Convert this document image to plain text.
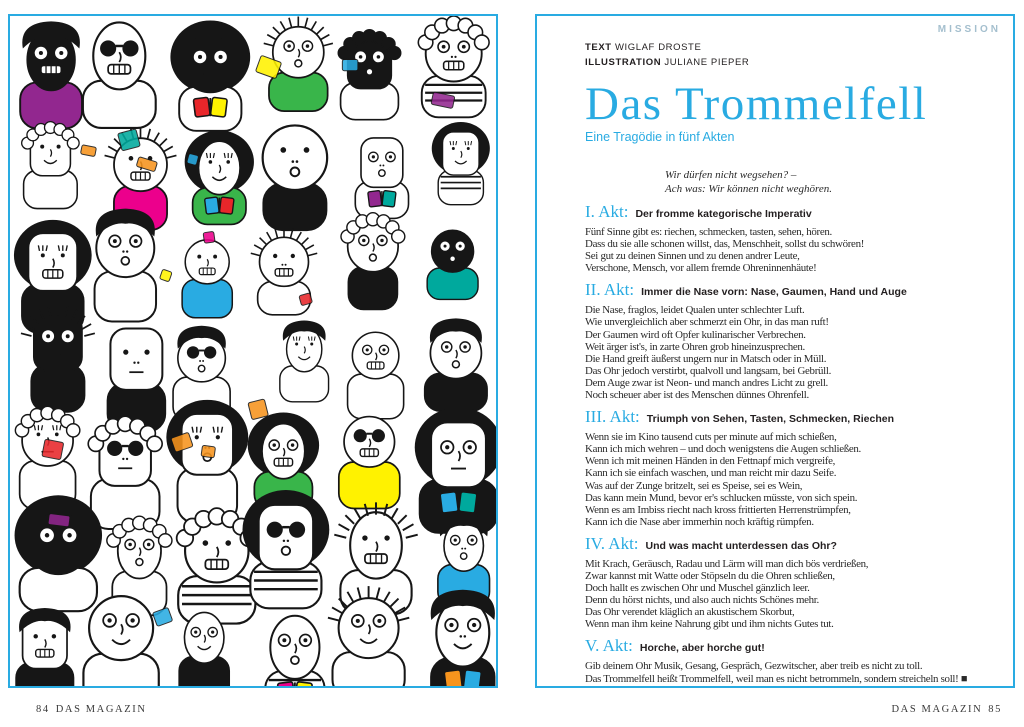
84 DAS MAGAZIN
MISSION
TEXT WIGLAF DROSTE
ILLUSTRATION JULIANE PIEPER
Das Trommelfell
Eine Tragödie in fünf Akten
Wir dürfen nicht wegsehen? –
Ach was: Wir können nicht weghören.
I. Akt: Der fromme kategorische Imperativ
Fünf Sinne gibt es: riechen, schmecken, tasten, sehen, hören.
Dass du sie alle schonen willst, das, Menschheit, sollst du schwören!
Sei gut zu deinen Sinnen und zu denen andrer Leute,
Verschone, Mensch, vor allem fremde Ohreninnenhäute!
II. Akt: Immer die Nase vorn: Nase, Gaumen, Hand und Auge
Die Nase, fraglos, leidet Qualen unter schlechter Luft.
Wie unvergleichlich aber schmerzt ein Ohr, in das man ruft!
Der Gaumen wird oft Opfer kulinarischer Verbrechen.
Weit ärger ist's, in zarte Ohren grob hineinzusprechen.
Die Hand greift äußerst ungern nur in Matsch oder in Müll.
Das Ohr jedoch verstirbt, qualvoll und langsam, bei Gebrüll.
Dem Auge zwar ist Neon- und manch andres Licht zu grell.
Noch scheuer aber ist des Menschen dünnes Ohrenfell.
III. Akt: Triumph von Sehen, Tasten, Schmecken, Riechen
Wenn sie im Kino tausend cuts per minute auf mich schießen,
Kann ich mich wehren – und doch wenigstens die Augen schließen.
Wenn ich mit meinen Händen in den Fettnapf mich vergreife,
Kann ich sie einfach waschen, und man reicht mir dazu Seife.
Was auf der Zunge britzelt, sei es Speise, sei es Wein,
Das kann mein Mund, bevor er's schlucken müsste, von sich spein.
Wenn es am Imbiss riecht nach kross frittierten Herrenstrümpfen,
Kann ich die Nase aber immerhin noch kräftig rümpfen.
IV. Akt: Und was macht unterdessen das Ohr?
Mit Krach, Geräusch, Radau und Lärm will man dich bös verdrießen,
Zwar kannst mit Watte oder Stöpseln du die Ohren schließen,
Doch hallt es zwischen Ohr und Muschel gänzlich leer.
Denn du hörst nichts, und also auch nichts Schönes mehr.
Das Ohr verendet kläglich an akustischem Skorbut,
Wenn man ihm keine Nahrung gibt und ihm nichts Gutes tut.
V. Akt: Horche, aber horche gut!
Gib deinem Ohr Musik, Gesang, Gespräch, Gezwitscher, aber treib es nicht zu toll.
Das Trommelfell heißt Trommelfell, weil man es nicht betrommeln, sondern streicheln soll! ■
DAS MAGAZIN 85
